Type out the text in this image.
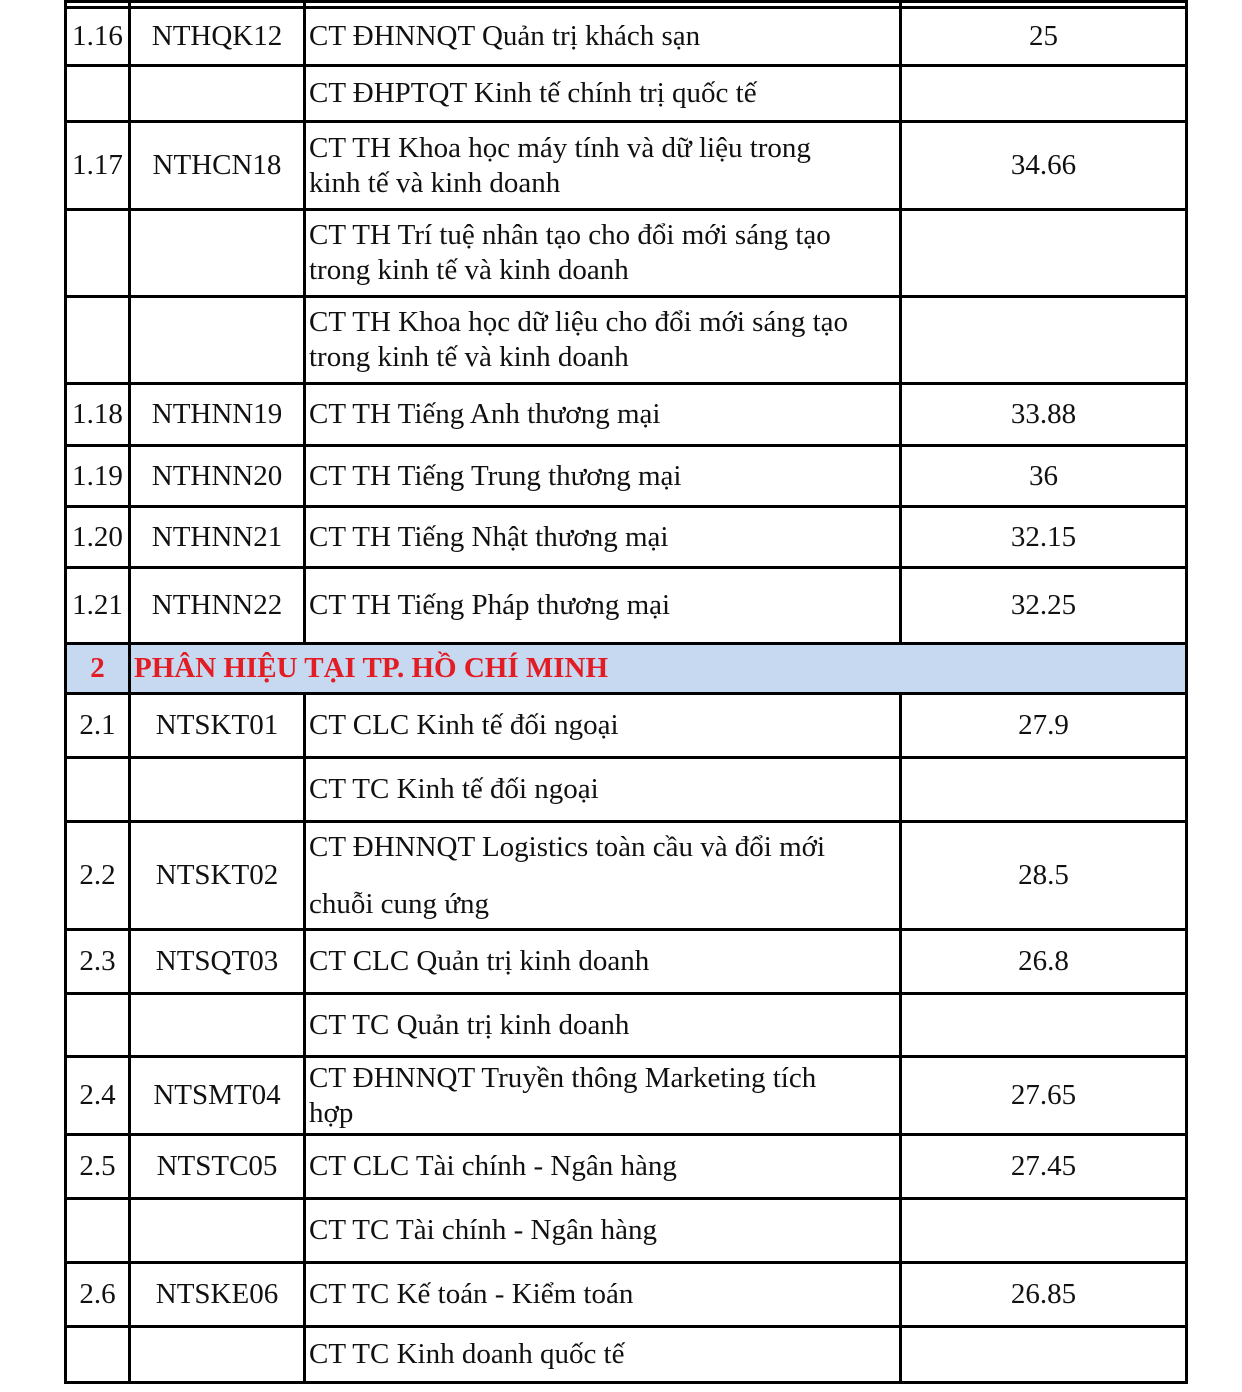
1.16	NTHQK12	CT ĐHNNQT Quản trị khách sạn	25
		CT ĐHPTQT Kinh tế chính trị quốc tế	
1.17	NTHCN18	CT TH Khoa học máy tính và dữ liệu trong
kinh tế và kinh doanh	34.66
		CT TH Trí tuệ nhân tạo cho đổi mới sáng tạo
trong kinh tế và kinh doanh	
		CT TH Khoa học dữ liệu cho đổi mới sáng tạo
trong kinh tế và kinh doanh	
1.18	NTHNN19	CT TH Tiếng Anh thương mại	33.88
1.19	NTHNN20	CT TH Tiếng Trung thương mại	36
1.20	NTHNN21	CT TH Tiếng Nhật thương mại	32.15
1.21	NTHNN22	CT TH Tiếng Pháp thương mại	32.25
2	PHÂN HIỆU TẠI TP. HỒ CHÍ MINH		
2.1	NTSKT01	CT CLC Kinh tế đối ngoại	27.9
		CT TC Kinh tế đối ngoại	
2.2	NTSKT02	CT ĐHNNQT Logistics toàn cầu và đổi mới
chuỗi cung ứng	28.5
2.3	NTSQT03	CT CLC Quản trị kinh doanh	26.8
		CT TC Quản trị kinh doanh	
2.4	NTSMT04	CT ĐHNNQT Truyền thông Marketing tích
hợp	27.65
2.5	NTSTC05	CT CLC Tài chính - Ngân hàng	27.45
		CT TC Tài chính - Ngân hàng	
2.6	NTSKE06	CT TC Kế toán - Kiểm toán	26.85
		CT TC Kinh doanh quốc tế	
